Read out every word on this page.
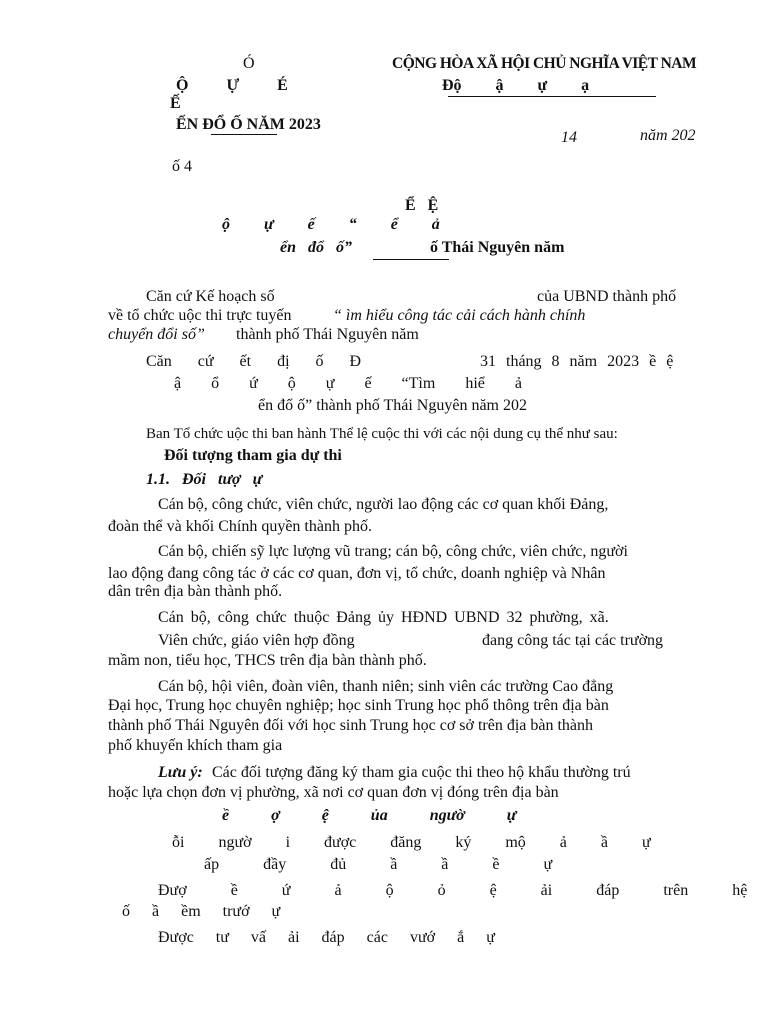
Ó
Ộ Ự É
Ế
ẾN ĐỔ Ố NĂM 2023
ố 4
CỘNG HÒA XÃ HỘI CHỦ NGHĨA VIỆT NAM
Độ ậ ự ạ
14	năm 202
Ể Ệ
ộ ự ế “ ể ả
ển đổ ố”	ố Thái Nguyên năm
Căn cứ Kế hoạch số	của UBND thành phố
về tổ chức uộc thi trực tuyến	“ ìm hiểu công tác cải cách hành chính
chuyển đổi số” thành phố Thái Nguyên năm
Căn cứ ết đị ố Đ	31 tháng 8 năm 2023 ề ệ
ậ ổ ứ ộ ự ế “Tìm hiể ả
ển đổ ố” thành phố Thái Nguyên năm 202
Ban Tổ chức uộc thi ban hành Thể lệ cuộc thi với các nội dung cụ thể như sau:
Đối tượng tham gia dự thi
1.1. Đối tượ ự
Cán bộ, công chức, viên chức, người lao động các cơ quan khối Đảng,
đoàn thể và khối Chính quyền thành phố.
Cán bộ, chiến sỹ lực lượng vũ trang; cán bộ, công chức, viên chức, người
lao động đang công tác ở các cơ quan, đơn vị, tổ chức, doanh nghiệp và Nhân
dân trên địa bàn thành phố.
Cán bộ, công chức thuộc Đảng ủy HĐND UBND 32 phường, xã.
Viên chức, giáo viên hợp đồng	đang công tác tại các trường
mầm non, tiểu học, THCS trên địa bàn thành phố.
Cán bộ, hội viên, đoàn viên, thanh niên; sinh viên các trường Cao đẳng
Đại học, Trung học chuyên nghiệp; học sinh Trung học phổ thông trên địa bàn
thành phố Thái Nguyên đối với học sinh Trung học cơ sở trên địa bàn thành
phố khuyến khích tham gia
Lưu ý: Các đối tượng đăng ký tham gia cuộc thi theo hộ khẩu thường trú
hoặc lựa chọn đơn vị phường, xã nơi cơ quan đơn vị đóng trên địa bàn
ề ợ ệ ủa ngườ ự
ỗi ngườ i được đăng ký mộ ả ầ ự
ấp đầy đủ ầ ầ ề ự
Đượ ề ứ ả ộ ỏ ệ ải đáp trên hệ
ố ầ ềm trướ ự
Được tư vấ ải đáp các vướ ắ ự
